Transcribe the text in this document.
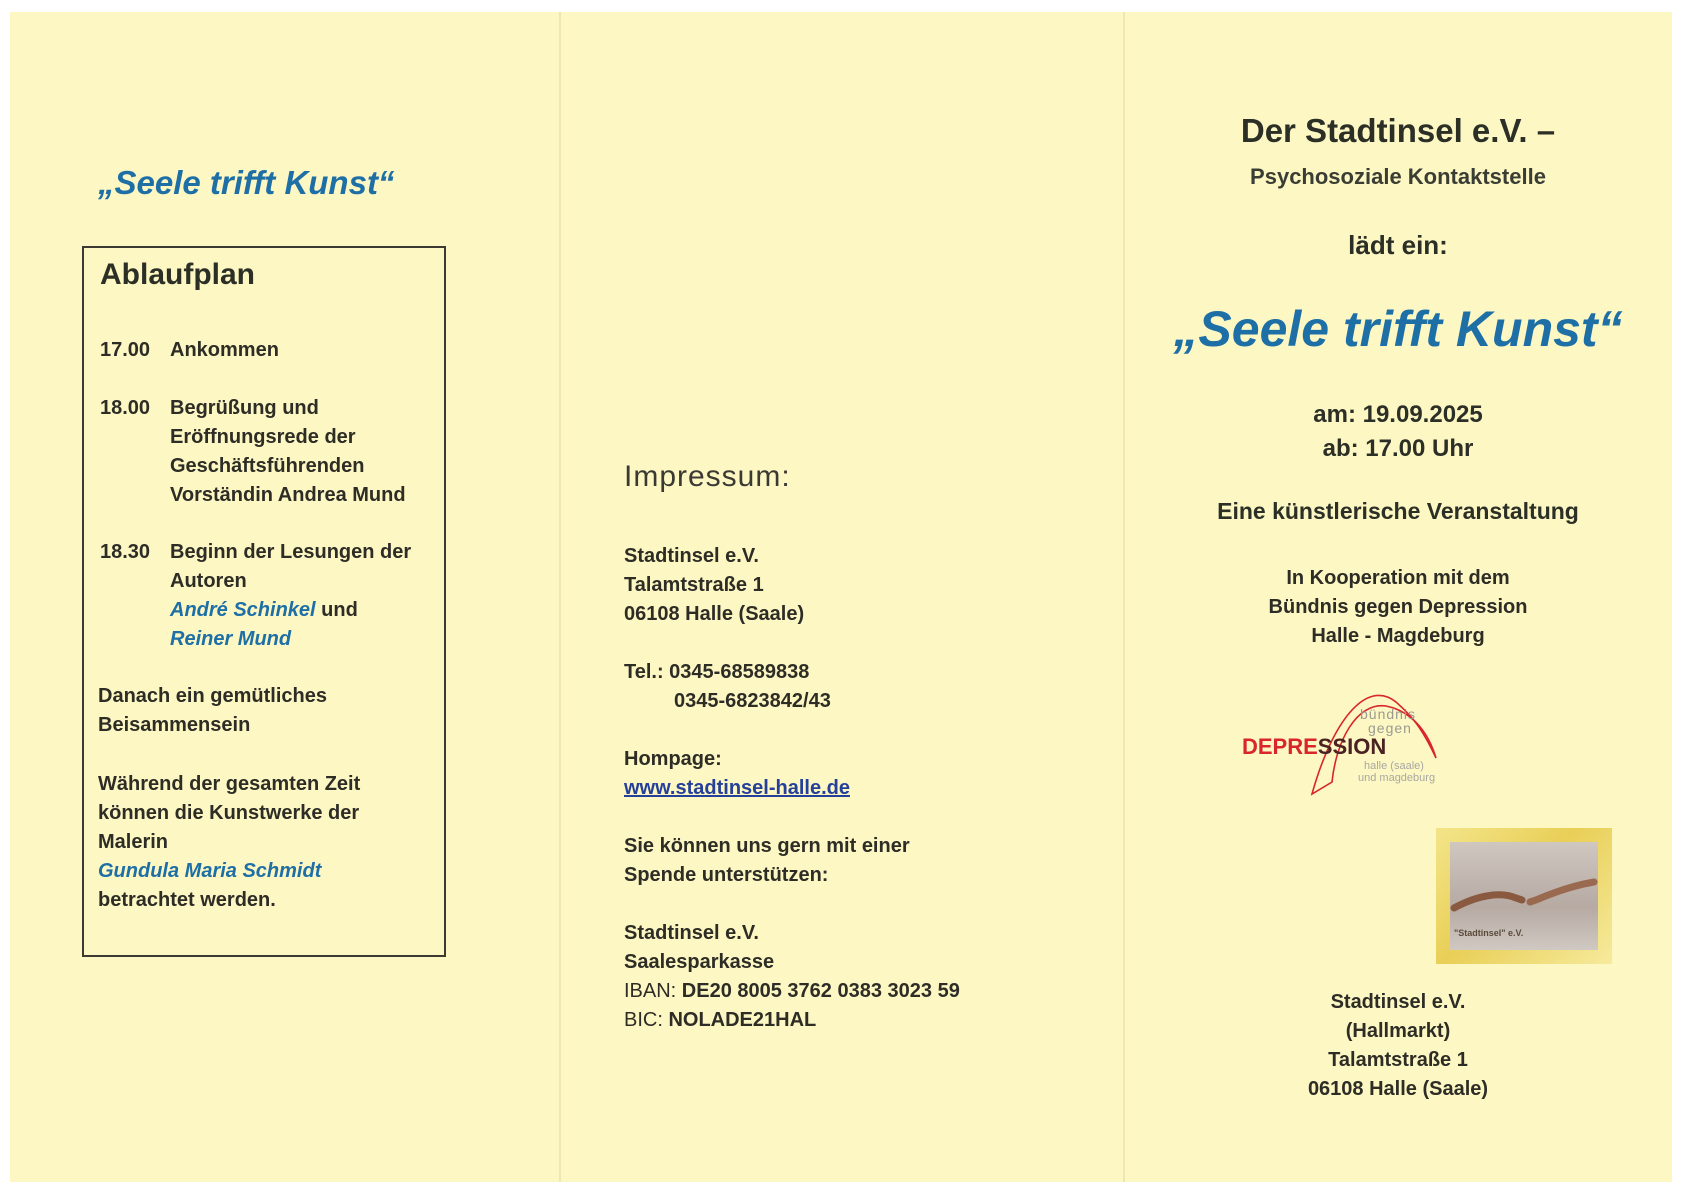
„Seele trifft Kunst“
Ablaufplan
17.00 Ankommen
18.00 Begrüßung und
Eröffnungsrede der
Geschäftsführenden
Vorständin Andrea Mund
18.30 Beginn der Lesungen der
Autoren
André Schinkel und
Reiner Mund
Danach ein gemütliches
Beisammensein
Während der gesamten Zeit
können die Kunstwerke der
Malerin
Gundula Maria Schmidt
betrachtet werden.
Impressum:
Stadtinsel e.V.
Talamtstraße 1
06108 Halle (Saale)
Tel.: 0345-68589838
0345-6823842/43
Hompage:
www.stadtinsel-halle.de
Sie können uns gern mit einer
Spende unterstützen:
Stadtinsel e.V.
Saalesparkasse
IBAN: DE20 8005 3762 0383 3023 59
BIC: NOLADE21HAL
Der Stadtinsel e.V. –
Psychosoziale Kontaktstelle
lädt ein:
„Seele trifft Kunst“
am: 19.09.2025
ab: 17.00 Uhr
Eine künstlerische Veranstaltung
In Kooperation mit dem
Bündnis gegen Depression
Halle - Magdeburg
bündnis
gegen
DEPRESSION
halle (saale)
und magdeburg
"Stadtinsel" e.V.
Stadtinsel e.V.
(Hallmarkt)
Talamtstraße 1
06108 Halle (Saale)
